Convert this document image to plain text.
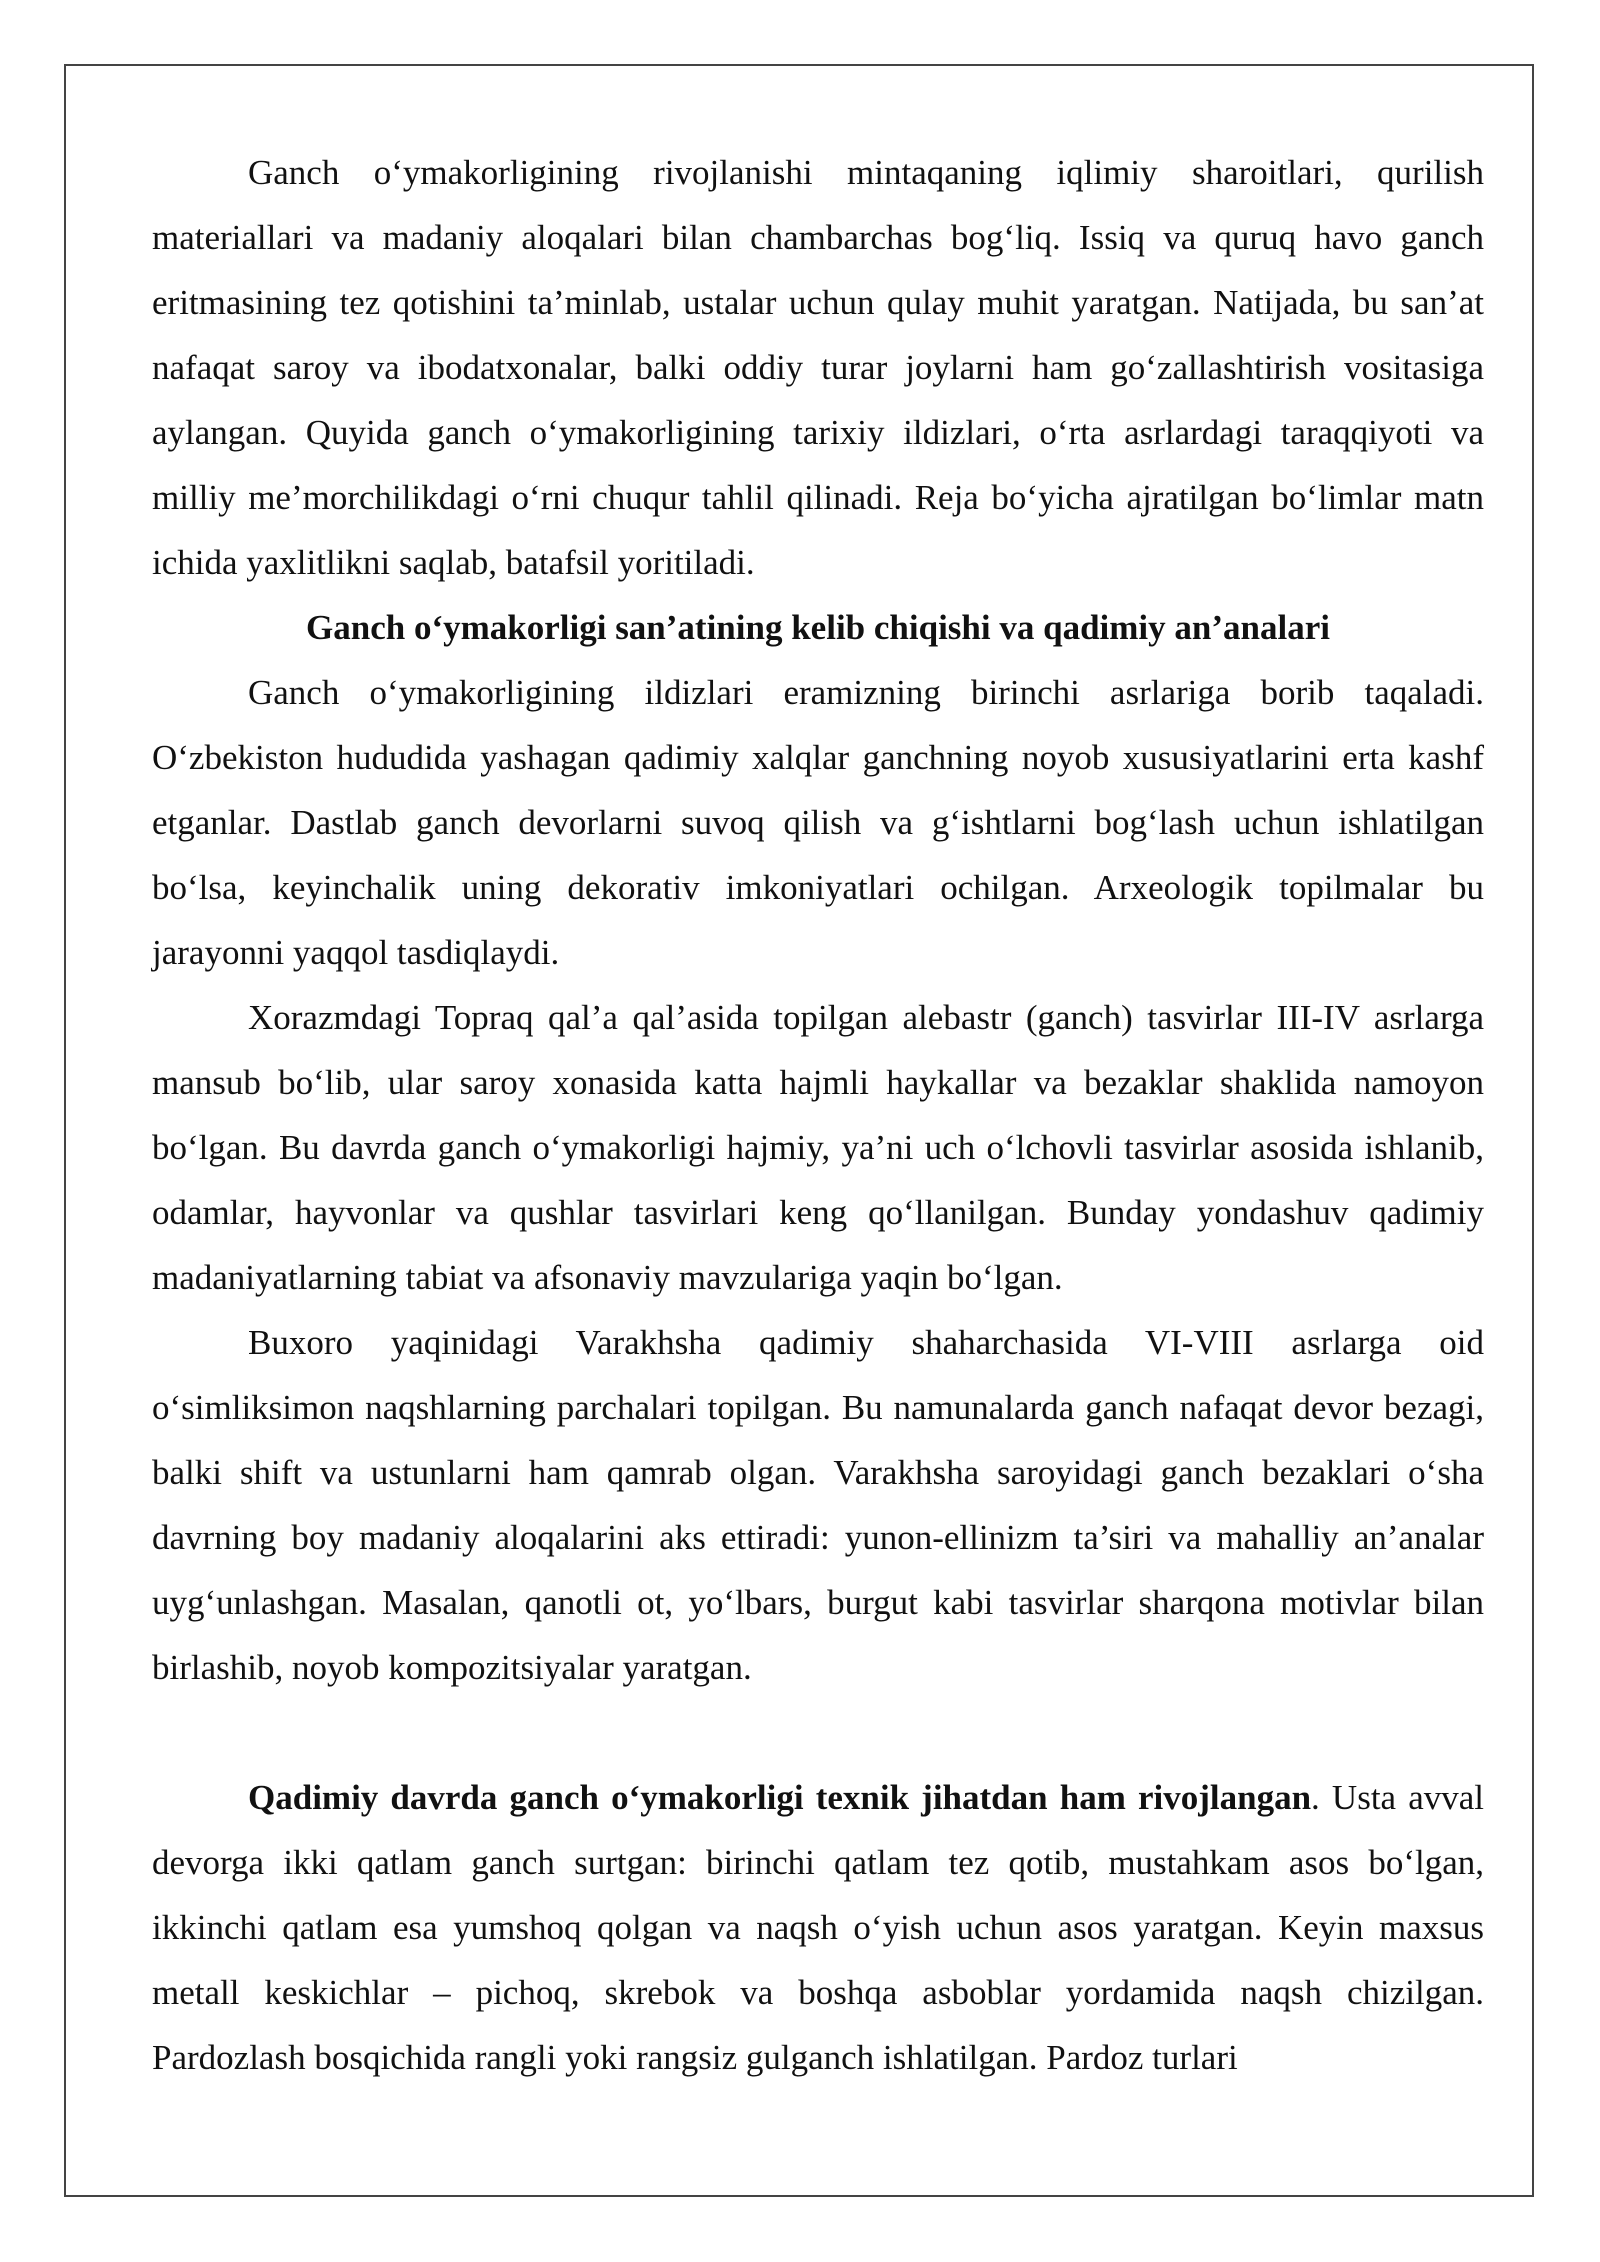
Ganch o‘ymakorligining rivojlanishi mintaqaning iqlimiy sharoitlari, qurilish materiallari va madaniy aloqalari bilan chambarchas bog‘liq. Issiq va quruq havo ganch eritmasining tez qotishini ta’minlab, ustalar uchun qulay muhit yaratgan. Natijada, bu san’at nafaqat saroy va ibodatxonalar, balki oddiy turar joylarni ham go‘zallashtirish vositasiga aylangan. Quyida ganch o‘ymakorligining tarixiy ildizlari, o‘rta asrlardagi taraqqiyoti va milliy me’morchilikdagi o‘rni chuqur tahlil qilinadi. Reja bo‘yicha ajratilgan bo‘limlar matn ichida yaxlitlikni saqlab, batafsil yoritiladi.

Ganch o‘ymakorligi san’atining kelib chiqishi va qadimiy an’analari

Ganch o‘ymakorligining ildizlari eramizning birinchi asrlariga borib taqaladi. O‘zbekiston hududida yashagan qadimiy xalqlar ganchning noyob xususiyatlarini erta kashf etganlar. Dastlab ganch devorlarni suvoq qilish va g‘ishtlarni bog‘lash uchun ishlatilgan bo‘lsa, keyinchalik uning dekorativ imkoniyatlari ochilgan. Arxeologik topilmalar bu jarayonni yaqqol tasdiqlaydi.

Xorazmdagi Topraq qal’a qal’asida topilgan alebastr (ganch) tasvirlar III-IV asrlarga mansub bo‘lib, ular saroy xonasida katta hajmli haykallar va bezaklar shaklida namoyon bo‘lgan. Bu davrda ganch o‘ymakorligi hajmiy, ya’ni uch o‘lchovli tasvirlar asosida ishlanib, odamlar, hayvonlar va qushlar tasvirlari keng qo‘llanilgan. Bunday yondashuv qadimiy madaniyatlarning tabiat va afsonaviy mavzulariga yaqin bo‘lgan.

Buxoro yaqinidagi Varakhsha qadimiy shaharchasida VI-VIII asrlarga oid o‘simliksimon naqshlarning parchalari topilgan. Bu namunalarda ganch nafaqat devor bezagi, balki shift va ustunlarni ham qamrab olgan. Varakhsha saroyidagi ganch bezaklari o‘sha davrning boy madaniy aloqalarini aks ettiradi: yunon-ellinizm ta’siri va mahalliy an’analar uyg‘unlashgan. Masalan, qanotli ot, yo‘lbars, burgut kabi tasvirlar sharqona motivlar bilan birlashib, noyob kompozitsiyalar yaratgan.

Qadimiy davrda ganch o‘ymakorligi texnik jihatdan ham rivojlangan. Usta avval devorga ikki qatlam ganch surtgan: birinchi qatlam tez qotib, mustahkam asos bo‘lgan, ikkinchi qatlam esa yumshoq qolgan va naqsh o‘yish uchun asos yaratgan. Keyin maxsus metall keskichlar – pichoq, skrebok va boshqa asboblar yordamida naqsh chizilgan. Pardozlash bosqichida rangli yoki rangsiz gulganch ishlatilgan. Pardoz turlari
